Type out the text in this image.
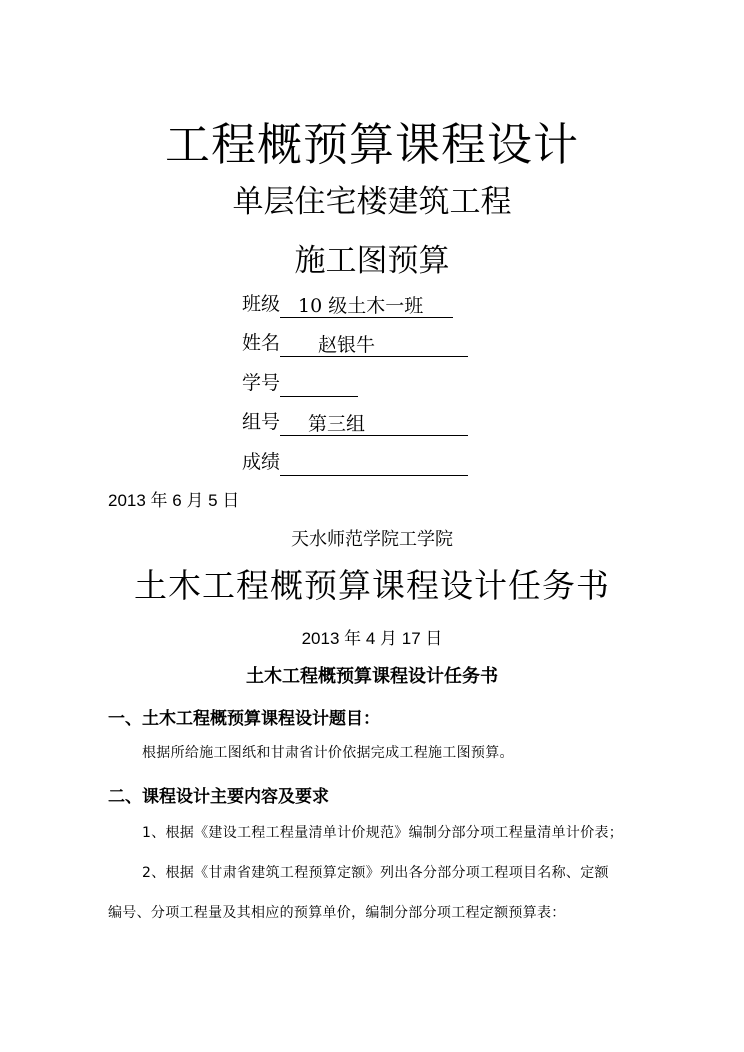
工程概预算课程设计
单层住宅楼建筑工程
施工图预算
班级 10 级土木一班
姓名 赵银牛
学号
组号 第三组
成绩
2013 年 6 月 5 日
天水师范学院工学院
土木工程概预算课程设计任务书
2013 年 4 月 17 日
土木工程概预算课程设计任务书
一、土木工程概预算课程设计题目：
根据所给施工图纸和甘肃省计价依据完成工程施工图预算。
二、课程设计主要内容及要求
1、根据《建设工程工程量清单计价规范》编制分部分项工程量清单计价表；
2、根据《甘肃省建筑工程预算定额》列出各分部分项工程项目名称、定额
编号、分项工程量及其相应的预算单价，编制分部分项工程定额预算表：
